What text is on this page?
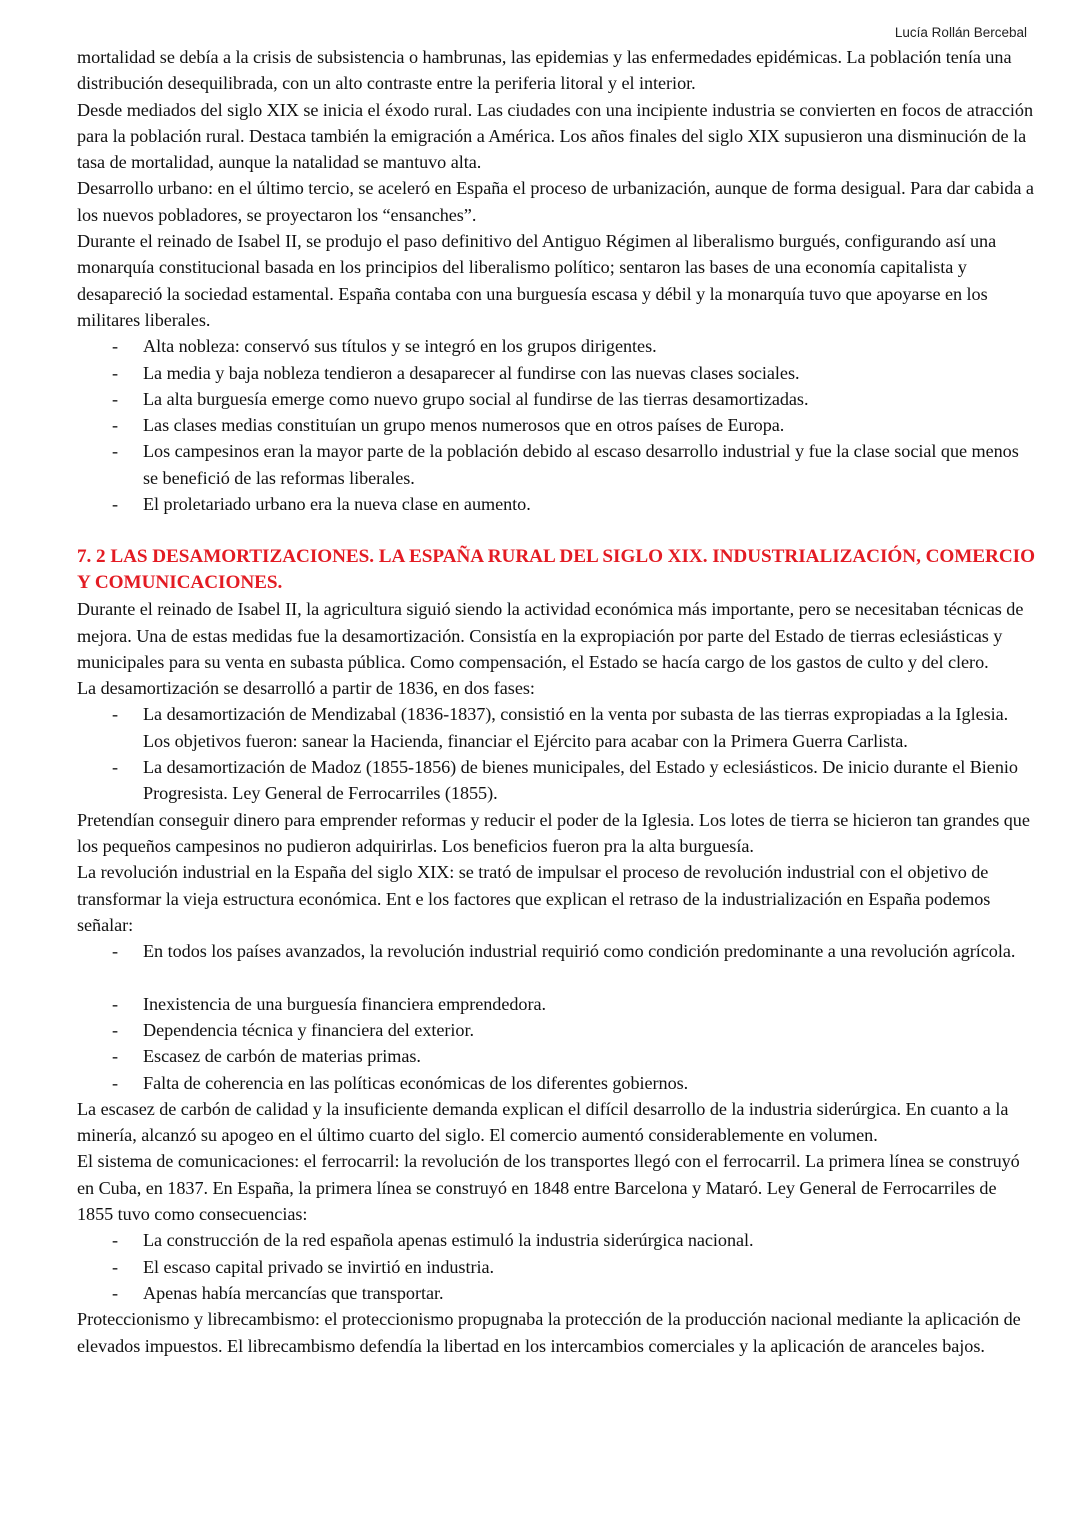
Lucía Rollán Bercebal

mortalidad se debía a la crisis de subsistencia o hambrunas, las epidemias y las enfermedades epidémicas. La población tenía una distribución desequilibrada, con un alto contraste entre la periferia litoral y el interior.

Desde mediados del siglo XIX se inicia el éxodo rural. Las ciudades con una incipiente industria se convierten en focos de atracción para la población rural. Destaca también la emigración a América. Los años finales del siglo XIX supusieron una disminución de la tasa de mortalidad, aunque la natalidad se mantuvo alta.

Desarrollo urbano: en el último tercio, se aceleró en España el proceso de urbanización, aunque de forma desigual. Para dar cabida a los nuevos pobladores, se proyectaron los “ensanches”.

Durante el reinado de Isabel II, se produjo el paso definitivo del Antiguo Régimen al liberalismo burgués, configurando así una monarquía constitucional basada en los principios del liberalismo político; sentaron las bases de una economía capitalista y desapareció la sociedad estamental. España contaba con una burguesía escasa y débil y la monarquía tuvo que apoyarse en los militares liberales.

- Alta nobleza: conservó sus títulos y se integró en los grupos dirigentes.
- La media y baja nobleza tendieron a desaparecer al fundirse con las nuevas clases sociales.
- La alta burguesía emerge como nuevo grupo social al fundirse de las tierras desamortizadas.
- Las clases medias constituían un grupo menos numerosos que en otros países de Europa.
- Los campesinos eran la mayor parte de la población debido al escaso desarrollo industrial y fue la clase social que menos se benefició de las reformas liberales.
- El proletariado urbano era la nueva clase en aumento.

7. 2 LAS DESAMORTIZACIONES. LA ESPAÑA RURAL DEL SIGLO XIX. INDUSTRIALIZACIÓN, COMERCIO Y COMUNICACIONES.

Durante el reinado de Isabel II, la agricultura siguió siendo la actividad económica más importante, pero se necesitaban técnicas de mejora. Una de estas medidas fue la desamortización. Consistía en la expropiación por parte del Estado de tierras eclesiásticas y municipales para su venta en subasta pública. Como compensación, el Estado se hacía cargo de los gastos de culto y del clero.

La desamortización se desarrolló a partir de 1836, en dos fases:

- La desamortización de Mendizabal (1836-1837), consistió en la venta por subasta de las tierras expropiadas a la Iglesia. Los objetivos fueron: sanear la Hacienda, financiar el Ejército para acabar con la Primera Guerra Carlista.
- La desamortización de Madoz (1855-1856) de bienes municipales, del Estado y eclesiásticos. De inicio durante el Bienio Progresista. Ley General de Ferrocarriles (1855).

Pretendían conseguir dinero para emprender reformas y reducir el poder de la Iglesia. Los lotes de tierra se hicieron tan grandes que los pequeños campesinos no pudieron adquirirlas. Los beneficios fueron pra la alta burguesía.

La revolución industrial en la España del siglo XIX: se trató de impulsar el proceso de revolución industrial con el objetivo de transformar la vieja estructura económica. Ent e los factores que explican el retraso de la industrialización en España podemos señalar:

- En todos los países avanzados, la revolución industrial requirió como condición predominante a una revolución agrícola.
- Inexistencia de una burguesía financiera emprendedora.
- Dependencia técnica y financiera del exterior.
- Escasez de carbón de materias primas.
- Falta de coherencia en las políticas económicas de los diferentes gobiernos.

La escasez de carbón de calidad y la insuficiente demanda explican el difícil desarrollo de la industria siderúrgica. En cuanto a la minería, alcanzó su apogeo en el último cuarto del siglo. El comercio aumentó considerablemente en volumen.

El sistema de comunicaciones: el ferrocarril: la revolución de los transportes llegó con el ferrocarril. La primera línea se construyó en Cuba, en 1837. En España, la primera línea se construyó en 1848 entre Barcelona y Mataró. Ley General de Ferrocarriles de 1855 tuvo como consecuencias:

- La construcción de la red española apenas estimuló la industria siderúrgica nacional.
- El escaso capital privado se invirtió en industria.
- Apenas había mercancías que transportar.

Proteccionismo y librecambismo: el proteccionismo propugnaba la protección de la producción nacional mediante la aplicación de elevados impuestos. El librecambismo defendía la libertad en los intercambios comerciales y la aplicación de aranceles bajos.
